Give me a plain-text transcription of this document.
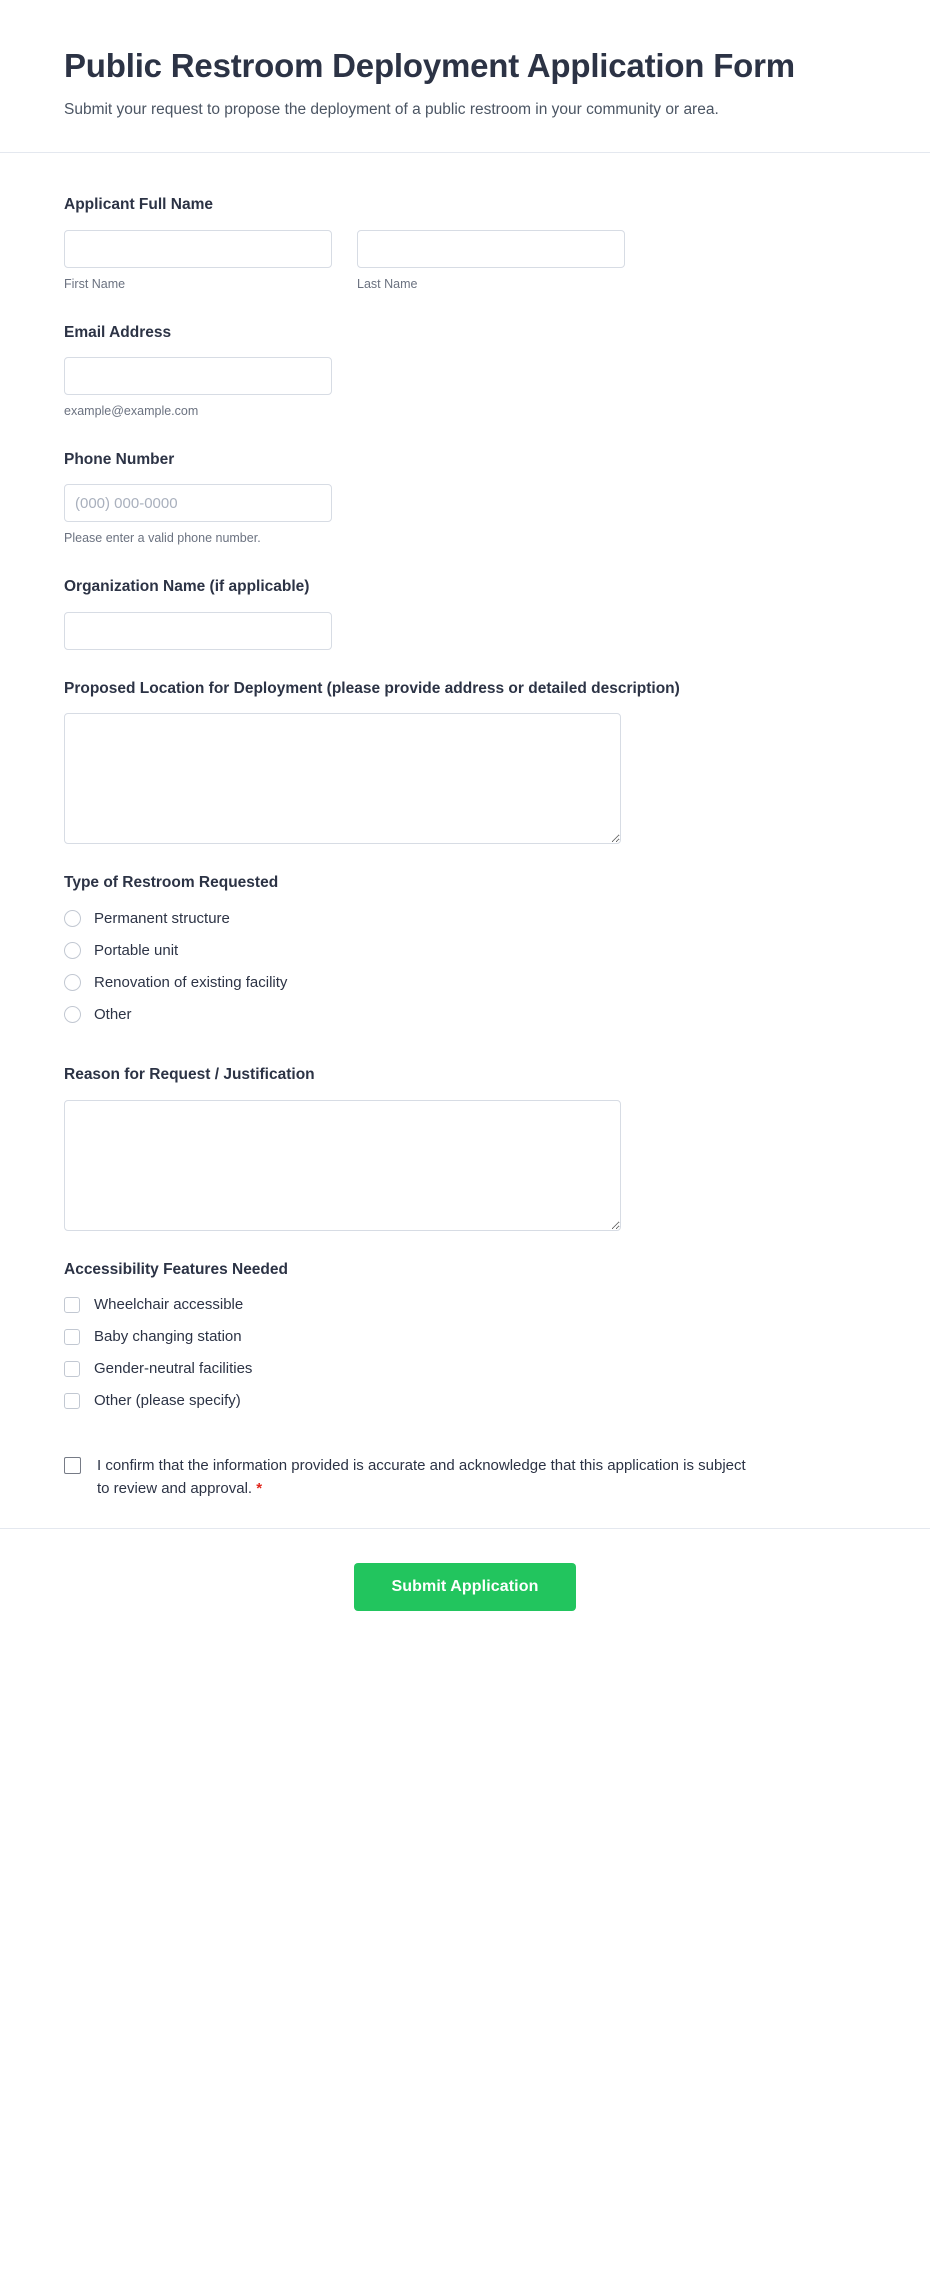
Public Restroom Deployment Application Form

Submit your request to propose the deployment of a public restroom in your community or area.

Applicant Full Name
First Name	Last Name
Email Address
example@example.com
Phone Number
(000) 000-0000
Please enter a valid phone number.
Organization Name (if applicable)
Proposed Location for Deployment (please provide address or detailed description)
Type of Restroom Requested
Permanent structure
Portable unit
Renovation of existing facility
Other
Reason for Request / Justification
Accessibility Features Needed
Wheelchair accessible
Baby changing station
Gender-neutral facilities
Other (please specify)
I confirm that the information provided is accurate and acknowledge that this application is subject to review and approval. *
Submit Application
